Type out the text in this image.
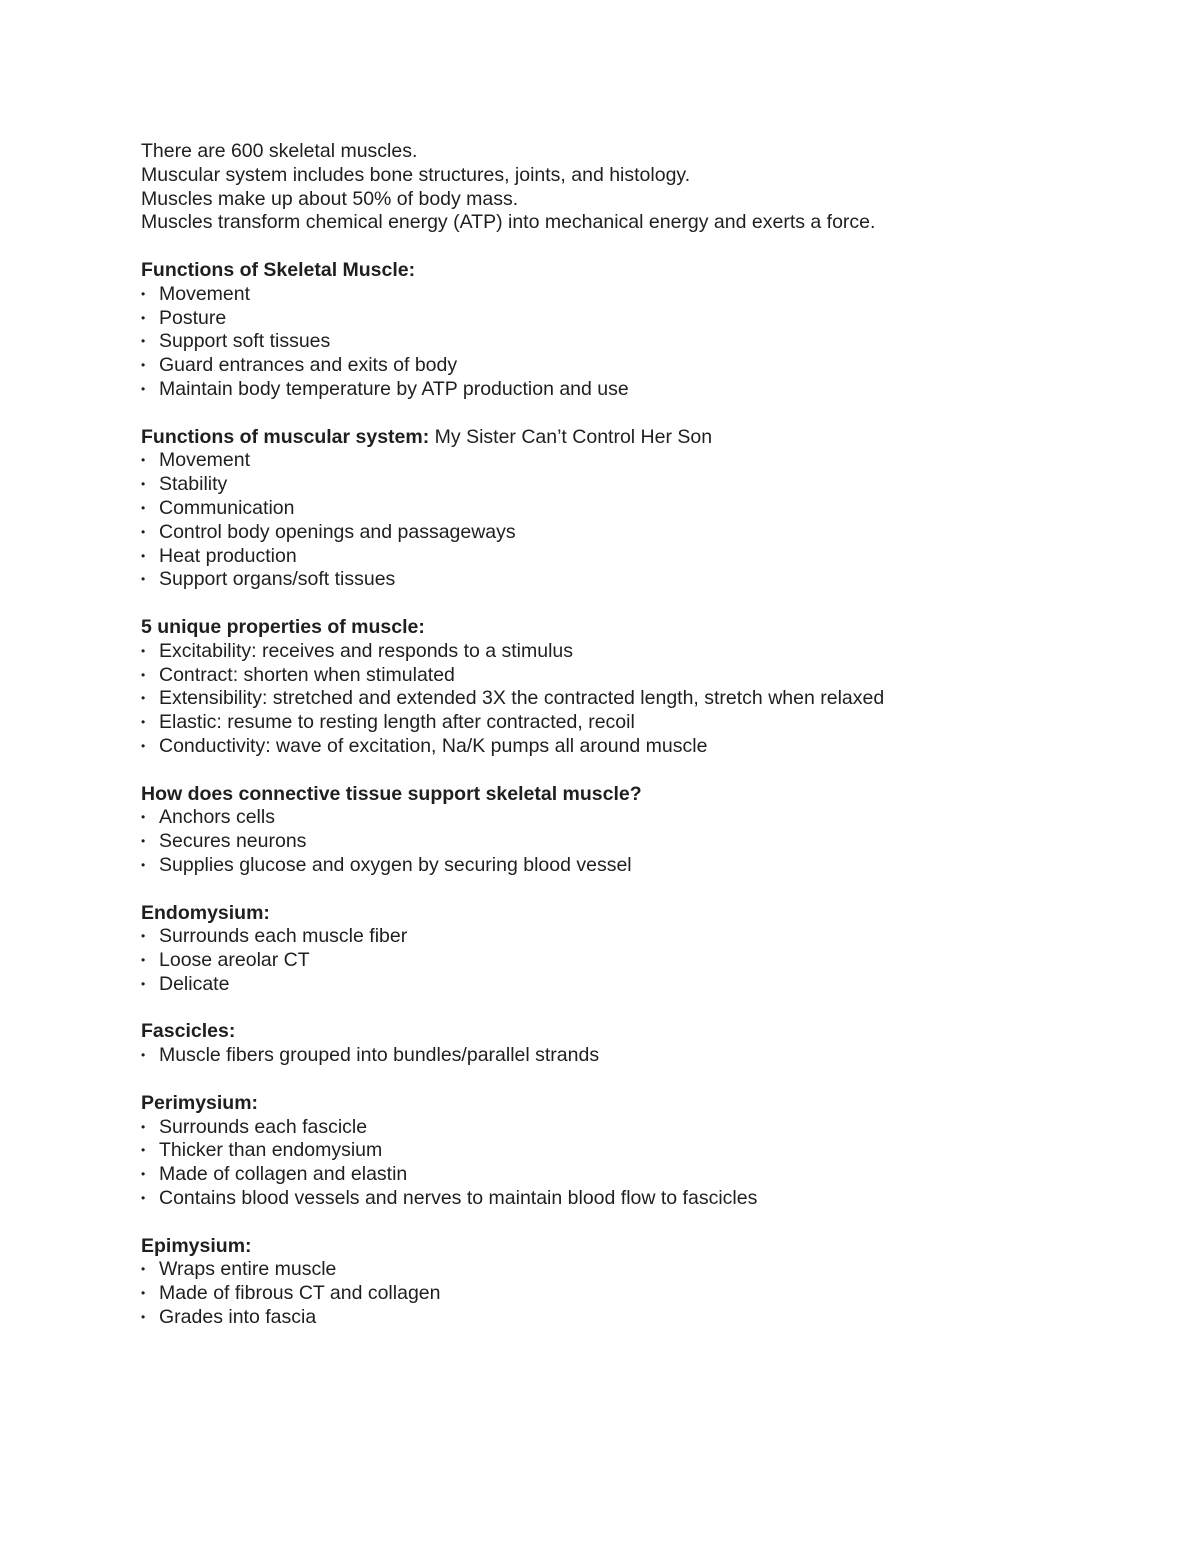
There are 600 skeletal muscles.
Muscular system includes bone structures, joints, and histology.
Muscles make up about 50% of body mass.
Muscles transform chemical energy (ATP) into mechanical energy and exerts a force.
Functions of Skeletal Muscle:
• Movement
• Posture
• Support soft tissues
• Guard entrances and exits of body
• Maintain body temperature by ATP production and use
Functions of muscular system: My Sister Can’t Control Her Son
• Movement
• Stability
• Communication
• Control body openings and passageways
• Heat production
• Support organs/soft tissues
5 unique properties of muscle:
• Excitability: receives and responds to a stimulus
• Contract: shorten when stimulated
• Extensibility: stretched and extended 3X the contracted length, stretch when relaxed
• Elastic: resume to resting length after contracted, recoil
• Conductivity: wave of excitation, Na/K pumps all around muscle
How does connective tissue support skeletal muscle?
• Anchors cells
• Secures neurons
• Supplies glucose and oxygen by securing blood vessel
Endomysium:
• Surrounds each muscle fiber
• Loose areolar CT
• Delicate
Fascicles:
• Muscle fibers grouped into bundles/parallel strands
Perimysium:
• Surrounds each fascicle
• Thicker than endomysium
• Made of collagen and elastin
• Contains blood vessels and nerves to maintain blood flow to fascicles
Epimysium:
• Wraps entire muscle
• Made of fibrous CT and collagen
• Grades into fascia
